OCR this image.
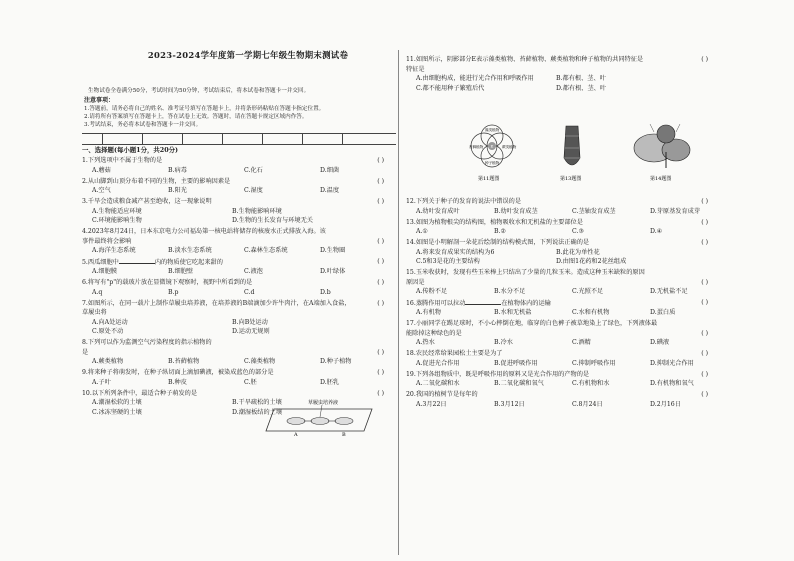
2023-2024学年度第一学期七年级生物期末测试卷
生物试卷全卷满分50分，考试时间为50分钟，考试结束后，将本试卷和答题卡一并交回。
注意事项：
1.答题前，请务必将自己的姓名、准考证号填写在答题卡上，并将条形码粘贴在答题卡指定位置。
2.请将所有答案填写在答题卡上，答在试卷上无效。答题时，请在答题卡规定区域内作答。
3.考试结束，务必将本试卷和答题卡一并交回。
一、选择题(每小题1分，共20分)
1.下列选项中不属于生物的是	( )
A.蘑菇	B.病毒	C.化石	D.细菌
2.从山脚到山顶分布着不同的生物，主要的影响因素是	( )
A.空气	B.阳光	C.湿度	D.温度
3.千旱会造成粮食减产甚至绝收，这一现象说明	( )
A.生物能适应环境	B.生物能影响环境
C.环境能影响生物	D.生物的生长发育与环境无关
4.2023年8月24日，日本东京电力公司福岛第一核电站将储存的核废水正式排放入海。该
事件最终将会影响	( )
A.海洋生态系统	B.淡水生态系统	C.森林生态系统	D.生物圈
5.西瓜细胞中	内的物质使它吃起来甜的	( )
A.细胞膜	B.细胞壁	C.液泡	D.叶绿体
6.将写有"p"的载玻片放在显微镜下观察时，视野中所看到的是	( )
A.q	B.p	C.d	D.b
7.如图所示，在同一载片上制作草履虫培养液，在培养液的B端滴加少许牛肉汁，在A端加入食盐，	( )
草履虫将
A.向A处运动	B.向B处运动
C.原处不动	D.运动无规则
8.下列可以作为监测空气污染程度的指示植物的
是	( )
A.蕨类植物	B.苔藓植物	C.藻类植物	D.种子植物
9.将来种子将萌发时，在种子纵切面上滴加碘液，被染成蓝色的部分是	( )
A.子叶	B.种皮	C.胚	D.胚乳
10.以下所列条件中，最适合种子萌发的是	( )
A.潮湿松软的土壤	B.干旱疏松的土壤
C.冰冻坚硬的土壤	D.潮湿板结的土壤
草履虫培养液
A	B
11.如图所示，阴影部分E表示藻类植物、苔藓植物、蕨类植物和种子植物的共同特征是	( )
特征是
A.由细胞构成，能进行光合作用和呼吸作用	B.都有根、茎、叶
C.都不能用种子繁殖后代	D.都有根、茎、叶
12.下列关于种子的发育的说法中错误的是	( )
A.幼叶发育成叶	B.幼叶发育成茎	C.茎轴发育成茎	D.芽原基发育成芽
13.如图为植物根尖的结构图，植物吸收水和无机盐的主要部位是	( )
A.①	B.②	C.③	D.④
14.如图是小明解剖一朵花后绘制的结构模式图，下列说法正确的是	( )
A.将来发育成果实的结构为6	B.此花为单性花
C.5和3是花的主要结构	D.由图1花药和2花丝组成
15.玉米收获时，发现有些玉米棒上只结出了少量的几粒玉米。造成这种玉米缺粒的原因
原因是	( )
A.传粉不足	B.水分不足	C.光照不足	D.无机盐不足
16.蒸腾作用可以拉动	在植物体内的运输	( )
A.有机物	B.水和无机盐	C.水和有机物	D.蛋白质
17.小丽同学在踢足球时，不小心摔倒在地，临穿的白色裤子被草地染上了绿色，下列液体最
能除掉这种绿色的是	( )
A.热水	B.冷水	C.酒精	D.碘液
18.农民经常给果园松土主要是为了	( )
A.促进光合作用	B.促进呼吸作用	C.抑制呼吸作用	D.抑制光合作用
19.下列各组物质中，既是呼吸作用的原料又是光合作用的产物的是	( )
A.二氧化碳和水	B.二氧化碳和氧气	C.有机物和水	D.有机物和氧气
20.我国的植树节是每年的	( )
A.3月22日	B.3月12日	C.8月24日	D.2月16日
藻类植物
苔藓植物	蕨类植物
种子植物
E
第11题图	第13题图	第14题图
